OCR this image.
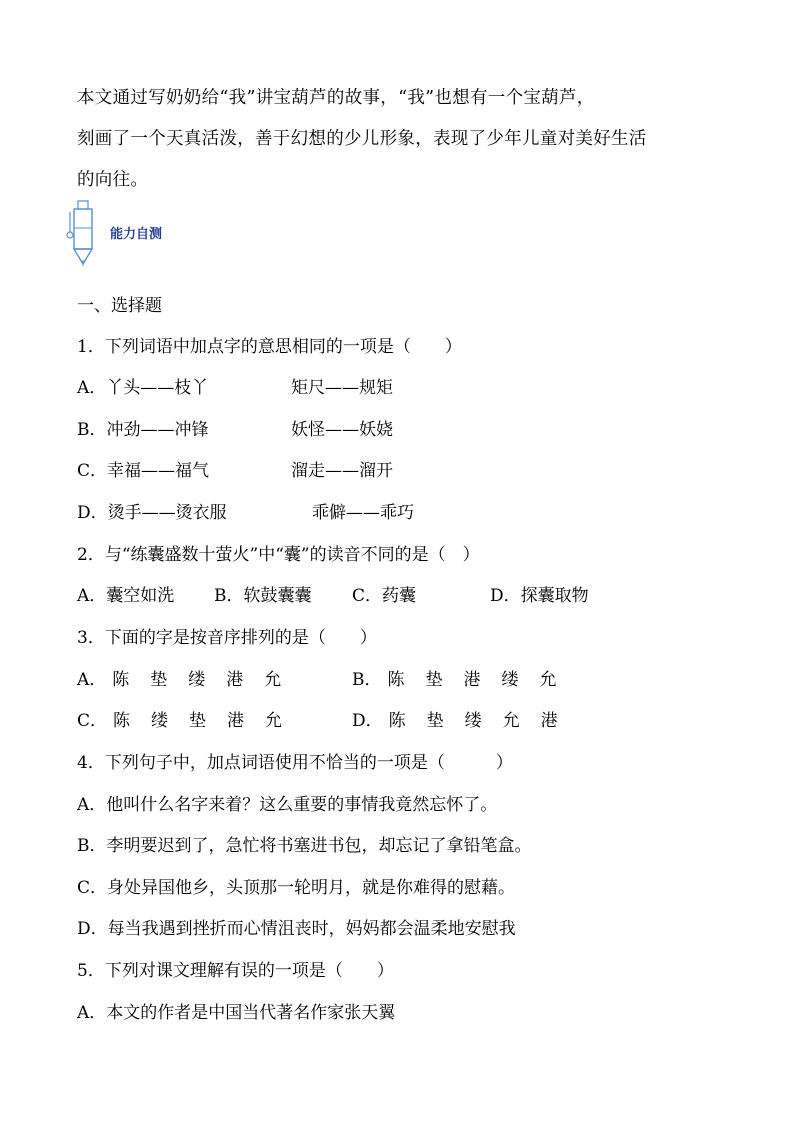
本文通过写奶奶给“我”讲宝葫芦的故事，“我”也想有一个宝葫芦，
刻画了一个天真活泼，善于幻想的少儿形象，表现了少年儿童对美好生活
的向往。
能力自测
一、选择题
1．下列词语中加点字的意思相同的一项是（　　）
A．丫头——枝丫	矩尺——规矩
B．冲劲——冲锋	妖怪——妖娆
C．幸福——福气	溜走——溜开
D．烫手——烫衣服	乖僻——乖巧
2．与“练囊盛数十萤火”中“囊”的读音不同的是（　）
A．囊空如洗 B．软鼓囊囊 C．药囊	D．探囊取物
3．下面的字是按音序排列的是（　　）
A． 陈 垫 缕 港 允	B． 陈 垫 港 缕 允
C． 陈 缕 垫 港 允	D． 陈 垫 缕 允 港
4．下列句子中，加点词语使用不恰当的一项是（　　　）
A．他叫什么名字来着？这么重要的事情我竟然忘怀了。
B．李明要迟到了，急忙将书塞进书包，却忘记了拿铅笔盒。
C．身处异国他乡，头顶那一轮明月，就是你难得的慰藉。
D．每当我遇到挫折而心情沮丧时，妈妈都会温柔地安慰我
5．下列对课文理解有误的一项是（　　）
A．本文的作者是中国当代著名作家张天翼
